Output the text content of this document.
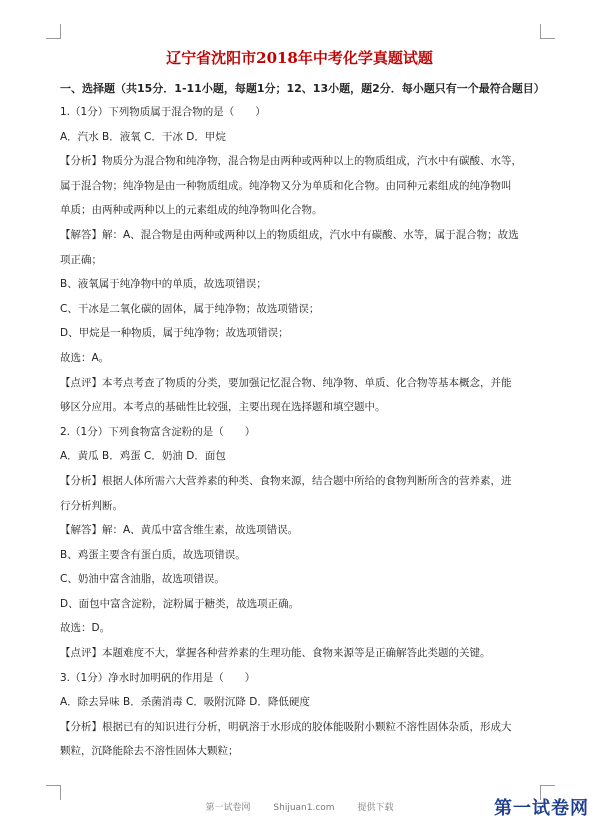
辽宁省沈阳市2018年中考化学真题试题
一、选择题（共15分．1-11小题，每题1分；12、13小题，题2分．每小题只有一个最符合题目）
1.（1分）下列物质属于混合物的是（　　）
A．汽水 B．液氧 C．干冰 D．甲烷
【分析】物质分为混合物和纯净物，混合物是由两种或两种以上的物质组成，汽水中有碳酸、水等，
属于混合物；纯净物是由一种物质组成。纯净物又分为单质和化合物。由同种元素组成的纯净物叫
单质；由两种或两种以上的元素组成的纯净物叫化合物。
【解答】解：A、混合物是由两种或两种以上的物质组成，汽水中有碳酸、水等，属于混合物；故选
项正确；
B、液氧属于纯净物中的单质，故选项错误；
C、干冰是二氧化碳的固体，属于纯净物；故选项错误；
D、甲烷是一种物质，属于纯净物；故选项错误；
故选：A。
【点评】本考点考查了物质的分类，要加强记忆混合物、纯净物、单质、化合物等基本概念，并能
够区分应用。本考点的基础性比较强，主要出现在选择题和填空题中。
2.（1分）下列食物富含淀粉的是（　　）
A．黄瓜 B．鸡蛋 C．奶油 D．面包
【分析】根据人体所需六大营养素的种类、食物来源，结合题中所给的食物判断所含的营养素，进
行分析判断。
【解答】解：A、黄瓜中富含维生素，故选项错误。
B、鸡蛋主要含有蛋白质，故选项错误。
C、奶油中富含油脂，故选项错误。
D、面包中富含淀粉，淀粉属于糖类，故选项正确。
故选：D。
【点评】本题难度不大，掌握各种营养素的生理功能、食物来源等是正确解答此类题的关键。
3.（1分）净水时加明矾的作用是（　　）
A．除去异味 B．杀菌消毒 C．吸附沉降 D．降低硬度
【分析】根据已有的知识进行分析，明矾溶于水形成的胶体能吸附小颗粒不溶性固体杂质，形成大
颗粒，沉降能除去不溶性固体大颗粒；
第一试卷网	Shijuan1.com	提供下载	第一试卷网
